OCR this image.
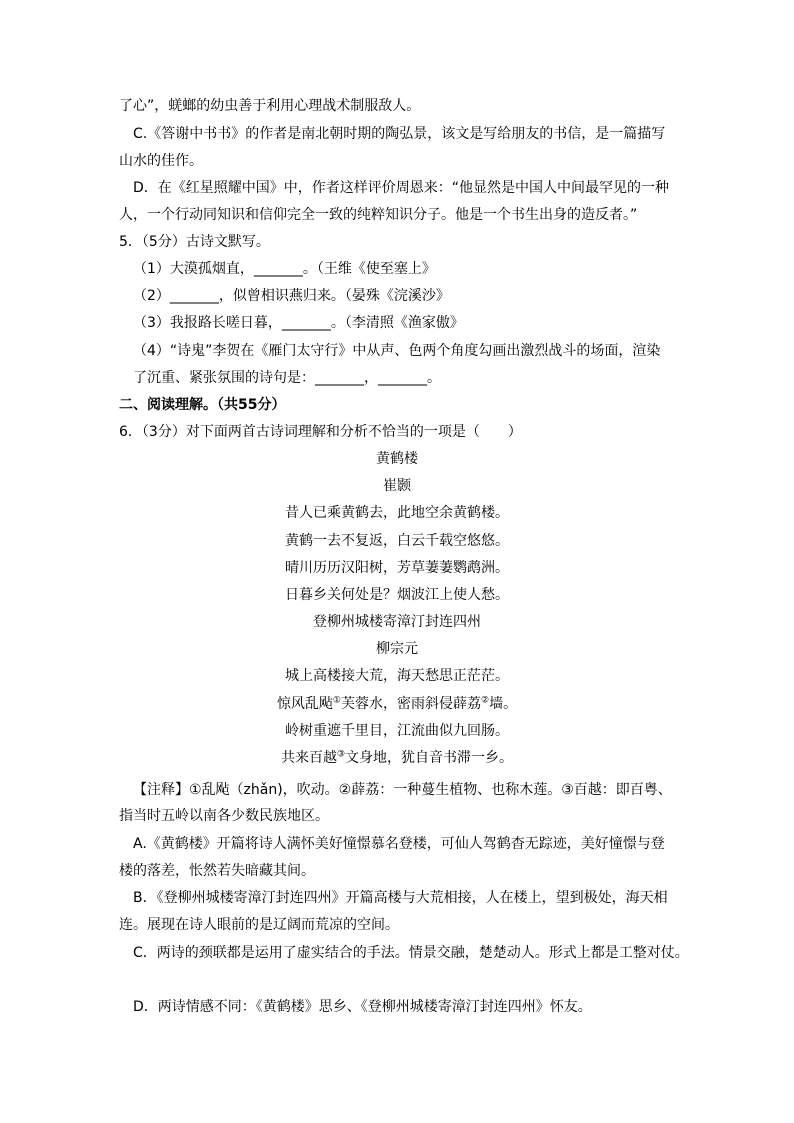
了心”，蜣螂的幼虫善于利用心理战术制服敌人。
C.《答谢中书书》的作者是南北朝时期的陶弘景，该文是写给朋友的书信，是一篇描写
山水的佳作。
D．在《红星照耀中国》中，作者这样评价周恩来：“他显然是中国人中间最罕见的一种
人，一个行动同知识和信仰完全一致的纯粹知识分子。他是一个书生出身的造反者。”
5．（5分）古诗文默写。
（1）大漠孤烟直，_______。（王维《使至塞上》
（2）_______，似曾相识燕归来。（晏殊《浣溪沙》
（3）我报路长嗟日暮，_______。（李清照《渔家傲》
（4）“诗鬼”李贺在《雁门太守行》中从声、色两个角度勾画出激烈战斗的场面，渲染
了沉重、紧张氛围的诗句是：_______，_______。
二、阅读理解。（共55分）
6．（3分）对下面两首古诗词理解和分析不恰当的一项是（　　）
黄鹤楼
崔颢
昔人已乘黄鹤去，此地空余黄鹤楼。
黄鹤一去不复返，白云千载空悠悠。
晴川历历汉阳树，芳草萋萋鹦鹉洲。
日暮乡关何处是？烟波江上使人愁。
登柳州城楼寄漳汀封连四州
柳宗元
城上高楼接大荒，海天愁思正茫茫。
惊风乱飐①芙蓉水，密雨斜侵薜荔②墙。
岭树重遮千里目，江流曲似九回肠。
共来百越③文身地，犹自音书滞一乡。
【注释】①乱飐（zhǎn)，吹动。②薜荔：一种蔓生植物、也称木莲。③百越：即百粤、
指当时五岭以南各少数民族地区。
A.《黄鹤楼》开篇将诗人满怀美好憧憬慕名登楼，可仙人驾鹤杳无踪迹，美好憧憬与登
楼的落差，怅然若失暗藏其间。
B．《登柳州城楼寄漳汀封连四州》开篇高楼与大荒相接，人在楼上，望到极处，海天相
连。展现在诗人眼前的是辽阔而荒凉的空间。
C．两诗的颈联都是运用了虚实结合的手法。情景交融，楚楚动人。形式上都是工整对仗。
D．两诗情感不同：《黄鹤楼》思乡、《登柳州城楼寄漳汀封连四州》怀友。
